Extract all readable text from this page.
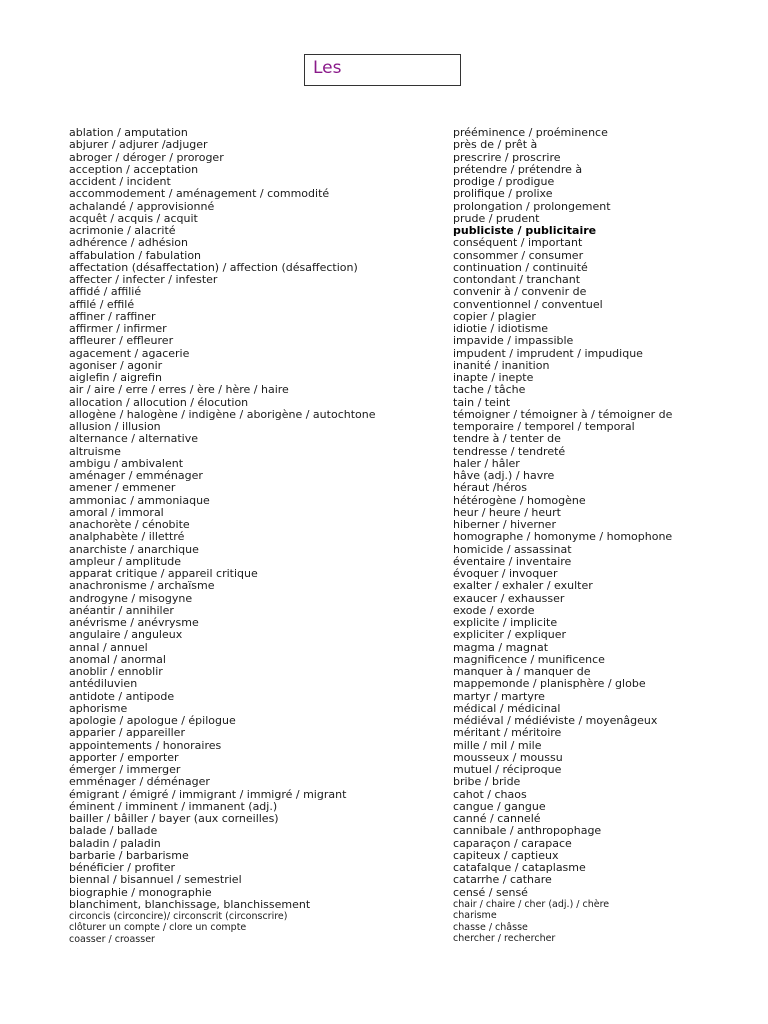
Les
ablation / amputation
abjurer / adjurer /adjuger
abroger / déroger / proroger
acception / acceptation
accident / incident
accommodement / aménagement / commodité
achalandé / approvisionné
acquêt / acquis / acquit
acrimonie / alacrité
adhérence / adhésion
affabulation / fabulation
affectation (désaffectation) / affection (désaffection)
affecter / infecter / infester
affidé / affilié
affilé / effilé
affiner / raffiner
affirmer / infirmer
affleurer / effleurer
agacement / agacerie
agoniser / agonir
aiglefin / aigrefin
air / aire / erre / erres / ère / hère / haire
allocation / allocution / élocution
allogène / halogène / indigène / aborigène / autochtone
allusion / illusion
alternance / alternative
altruisme
ambigu / ambivalent
aménager / emménager
amener / emmener
ammoniac / ammoniaque
amoral / immoral
anachorète / cénobite
analphabète / illettré
anarchiste / anarchique
ampleur / amplitude
apparat critique / appareil critique
anachronisme / archaïsme
androgyne / misogyne
anéantir / annihiler
anévrisme / anévrysme
angulaire / anguleux
annal / annuel
anomal / anormal
anoblir / ennoblir
antédiluvien
antidote / antipode
aphorisme
apologie / apologue / épilogue
apparier / appareiller
appointements / honoraires
apporter / emporter
émerger / immerger
emménager / déménager
émigrant / émigré / immigrant / immigré / migrant
éminent / imminent / immanent (adj.)
bailler / bâiller / bayer (aux corneilles)
balade / ballade
baladin / paladin
barbarie / barbarisme
bénéficier / profiter
biennal / bisannuel / semestriel
biographie / monographie
blanchiment, blanchissage, blanchissement
circoncis (circoncire)/ circonscrit (circonscrire)
clôturer un compte / clore un compte
coasser / croasser
prééminence / proéminence
près de / prêt à
prescrire / proscrire
prétendre / prétendre à
prodige / prodigue
prolifique / prolixe
prolongation / prolongement
prude / prudent
publiciste / publicitaire
conséquent / important
consommer / consumer
continuation / continuité
contondant / tranchant
convenir à / convenir de
conventionnel / conventuel
copier / plagier
idiotie / idiotisme
impavide / impassible
impudent / imprudent / impudique
inanité / inanition
inapte / inepte
tache / tâche
tain / teint
témoigner / témoigner à / témoigner de
temporaire / temporel / temporal
tendre à / tenter de
tendresse / tendreté
haler / hâler
hâve (adj.) / havre
héraut /héros
hétérogène / homogène
heur / heure / heurt
hiberner / hiverner
homographe / homonyme / homophone
homicide / assassinat
éventaire / inventaire
évoquer / invoquer
exalter / exhaler / exulter
exaucer / exhausser
exode / exorde
explicite / implicite
expliciter / expliquer
magma / magnat
magnificence / munificence
manquer à / manquer de
mappemonde / planisphère / globe
martyr / martyre
médical / médicinal
médiéval / médiéviste / moyenâgeux
méritant / méritoire
mille / mil / mile
mousseux / moussu
mutuel / réciproque
bribe / bride
cahot / chaos
cangue / gangue
canné / cannelé
cannibale / anthropophage
caparaçon / carapace
capiteux / captieux
catafalque / cataplasme
catarrhe / cathare
censé / sensé
chair / chaire / cher (adj.) / chère
charisme
chasse / châsse
chercher / rechercher
